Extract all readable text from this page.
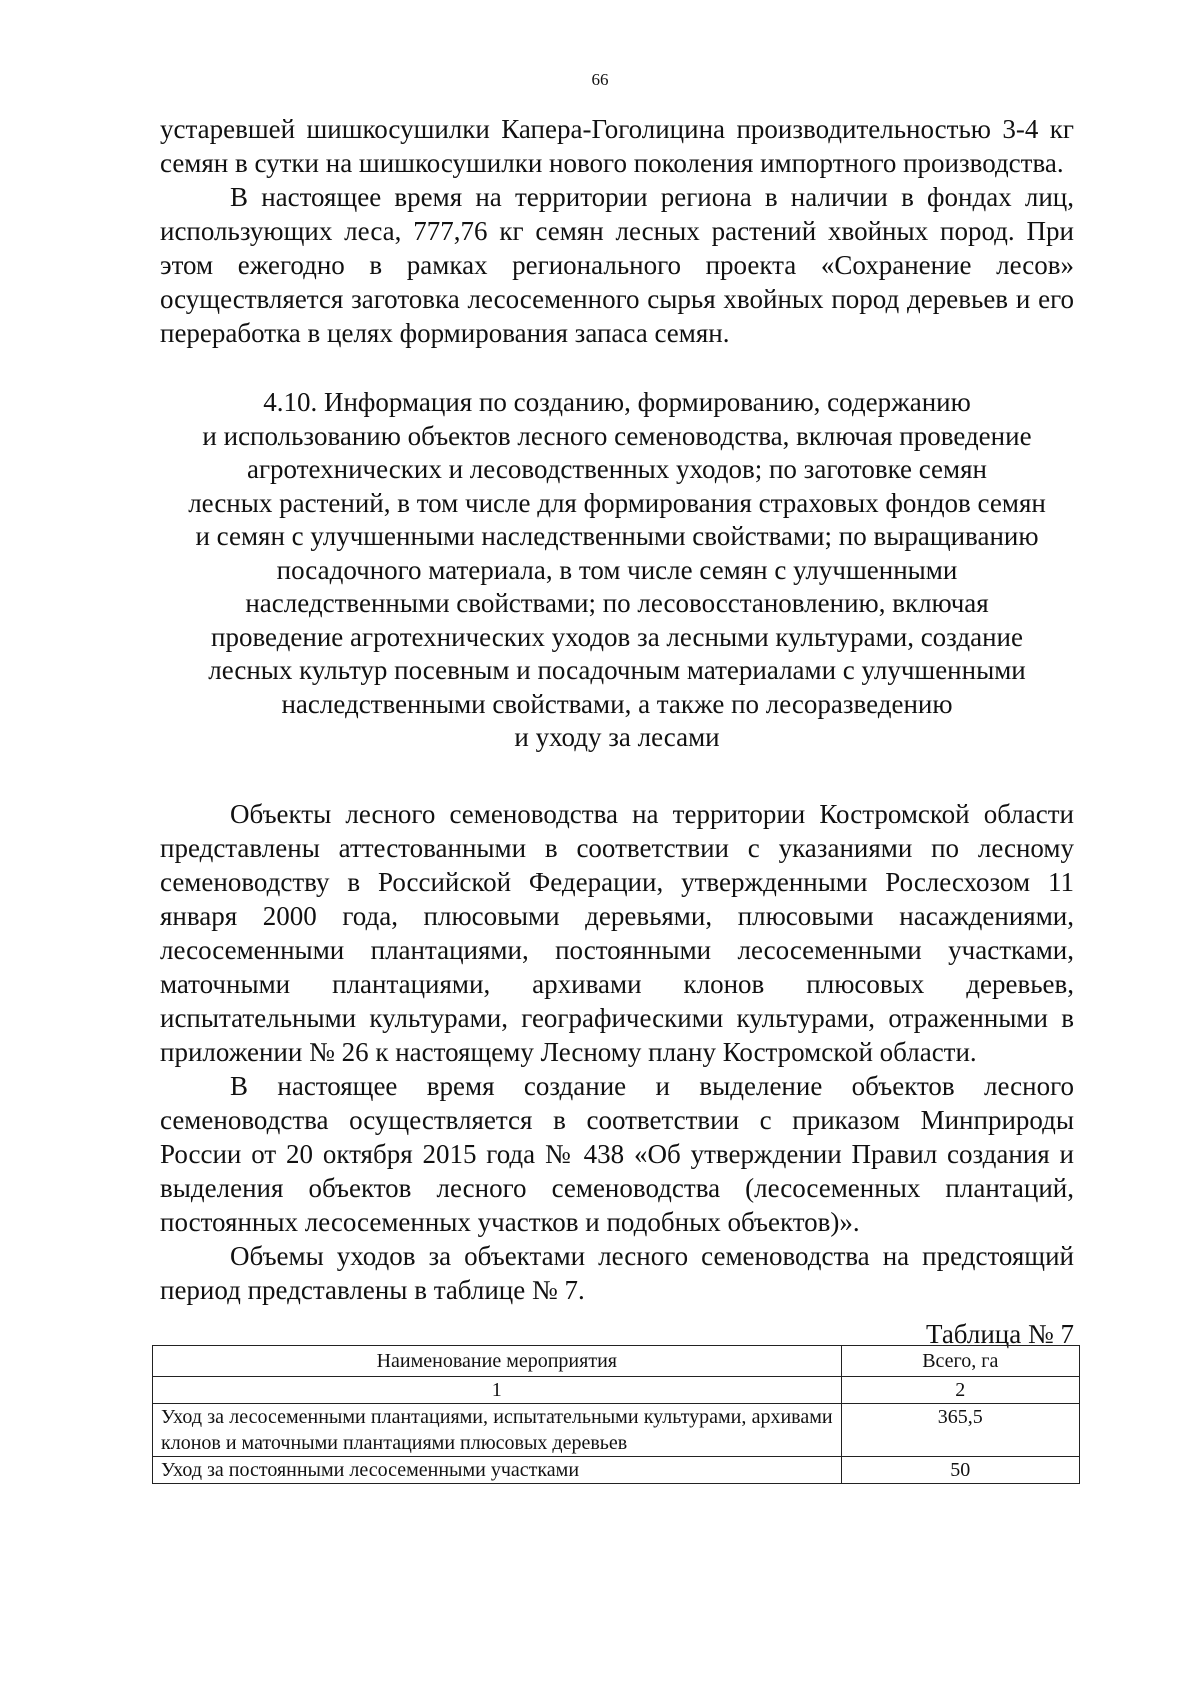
66

устаревшей шишкосушилки Капера-Гоголицина производительностью 3-4 кг семян в сутки на шишкосушилки нового поколения импортного производства.

В настоящее время на территории региона в наличии в фондах лиц, использующих леса, 777,76 кг семян лесных растений хвойных пород. При этом ежегодно в рамках регионального проекта «Сохранение лесов» осуществляется заготовка лесосеменного сырья хвойных пород деревьев и его переработка в целях формирования запаса семян.

4.10. Информация по созданию, формированию, содержанию
и использованию объектов лесного семеноводства, включая проведение
агротехнических и лесоводственных уходов; по заготовке семян
лесных растений, в том числе для формирования страховых фондов семян
и семян с улучшенными наследственными свойствами; по выращиванию
посадочного материала, в том числе семян с улучшенными
наследственными свойствами; по лесовосстановлению, включая
проведение агротехнических уходов за лесными культурами, создание
лесных культур посевным и посадочным материалами с улучшенными
наследственными свойствами, а также по лесоразведению
и уходу за лесами

Объекты лесного семеноводства на территории Костромской области представлены аттестованными в соответствии с указаниями по лесному семеноводству в Российской Федерации, утвержденными Рослесхозом 11 января 2000 года, плюсовыми деревьями, плюсовыми насаждениями, лесосеменными плантациями, постоянными лесосеменными участками, маточными плантациями, архивами клонов плюсовых деревьев, испытательными культурами, географическими культурами, отраженными в приложении № 26 к настоящему Лесному плану Костромской области.

В настоящее время создание и выделение объектов лесного семеноводства осуществляется в соответствии с приказом Минприроды России от 20 октября 2015 года № 438 «Об утверждении Правил создания и выделения объектов лесного семеноводства (лесосеменных плантаций, постоянных лесосеменных участков и подобных объектов)».

Объемы уходов за объектами лесного семеноводства на предстоящий период представлены в таблице № 7.

Таблица № 7
Наименование мероприятия	Всего, га
1	2
Уход за лесосеменными плантациями, испытательными культурами, архивами клонов и маточными плантациями плюсовых деревьев	365,5
Уход за постоянными лесосеменными участками	50
